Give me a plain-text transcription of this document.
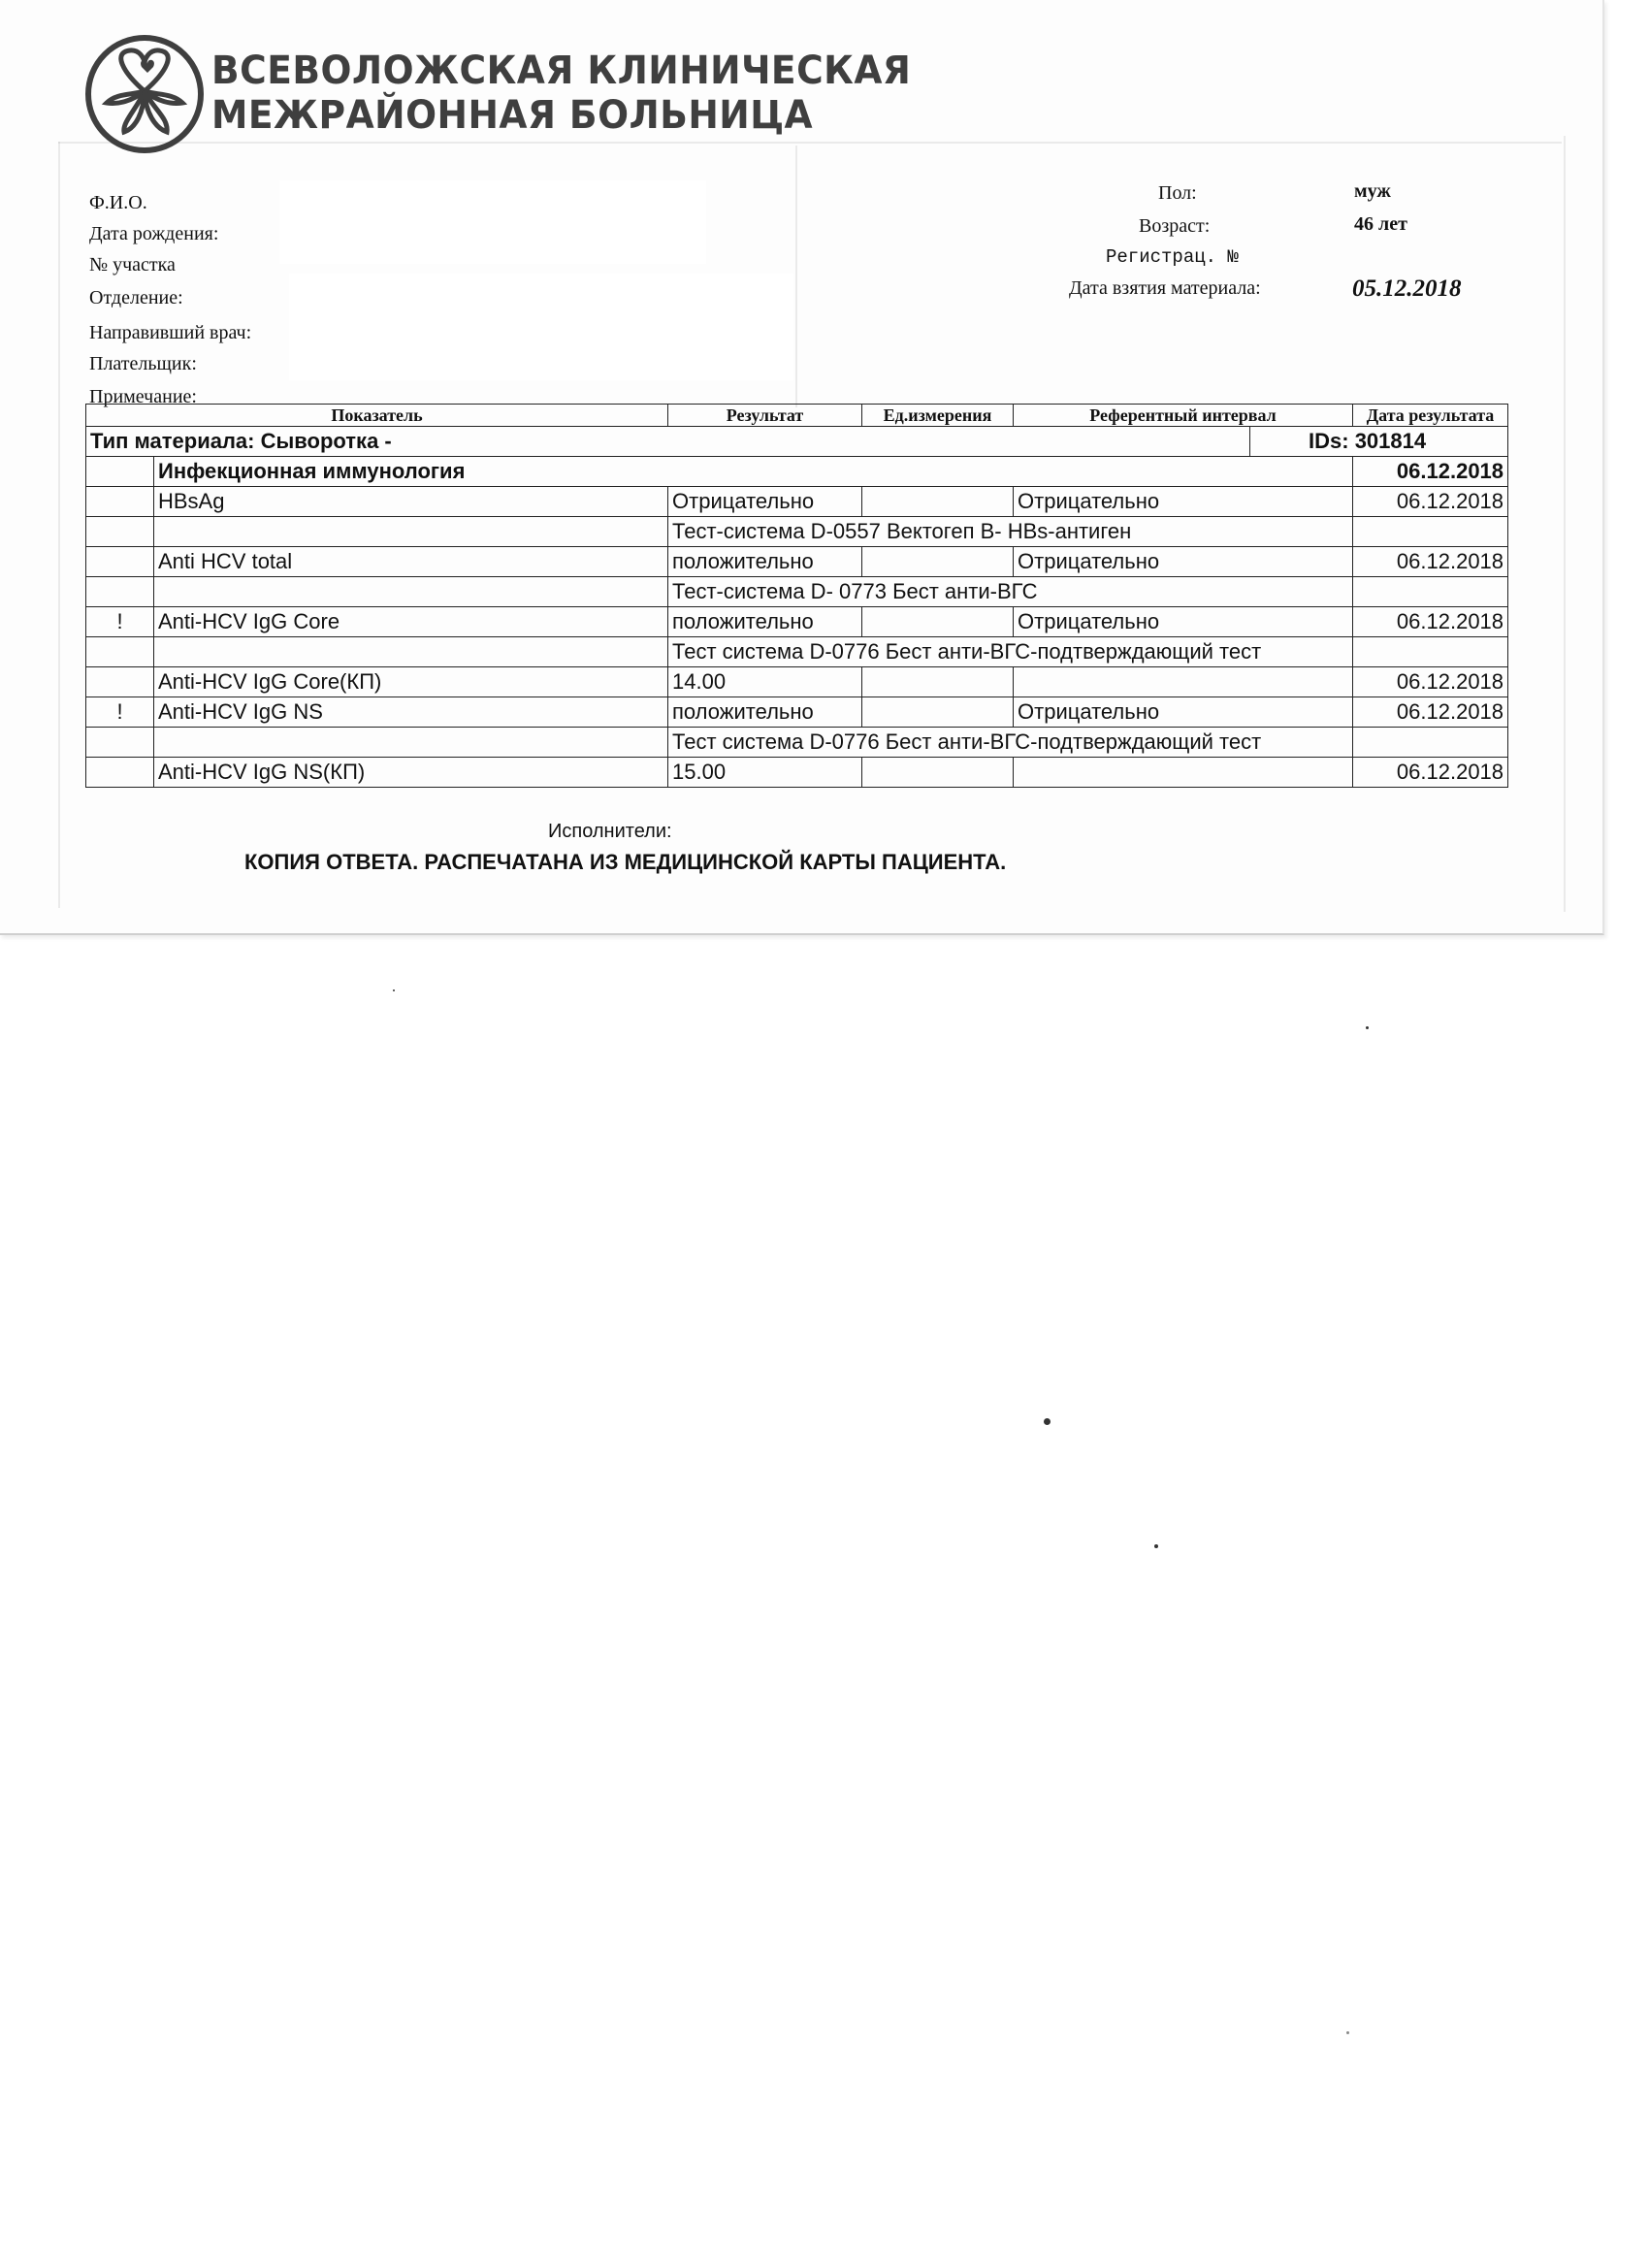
ВСЕВОЛОЖСКАЯ КЛИНИЧЕСКАЯ
МЕЖРАЙОННАЯ БОЛЬНИЦА
Ф.И.О.
Дата рождения:
№ участка
Отделение:
Направивший врач:
Плательщик:
Примечание:
Пол:	муж
Возраст:	46 лет
Регистрац. №
Дата взятия материала:	05.12.2018
Показатель		Результат	Ед.измерения	Референтный интервал		Дата результата
Тип материала: Сыворотка -					IDs: 301814	
	Инфекционная иммунология					06.12.2018
	HBsAg	Отрицательно		Отрицательно		06.12.2018
		Тест-система D-0557 Вектогеп В- HBs-антиген				
	Anti HCV total	положительно		Отрицательно		06.12.2018
		Тест-система D- 0773 Бест анти-ВГС				
!	Anti-HCV IgG Core	положительно		Отрицательно		06.12.2018
		Тест система D-0776 Бест анти-ВГС-подтверждающий тест				
	Anti-HCV IgG Core(КП)	14.00				06.12.2018
!	Anti-HCV IgG NS	положительно		Отрицательно		06.12.2018
		Тест система D-0776 Бест анти-ВГС-подтверждающий тест				
	Anti-HCV IgG NS(КП)	15.00				06.12.2018
Исполнители:
КОПИЯ ОТВЕТА. РАСПЕЧАТАНА ИЗ МЕДИЦИНСКОЙ КАРТЫ ПАЦИЕНТА.
